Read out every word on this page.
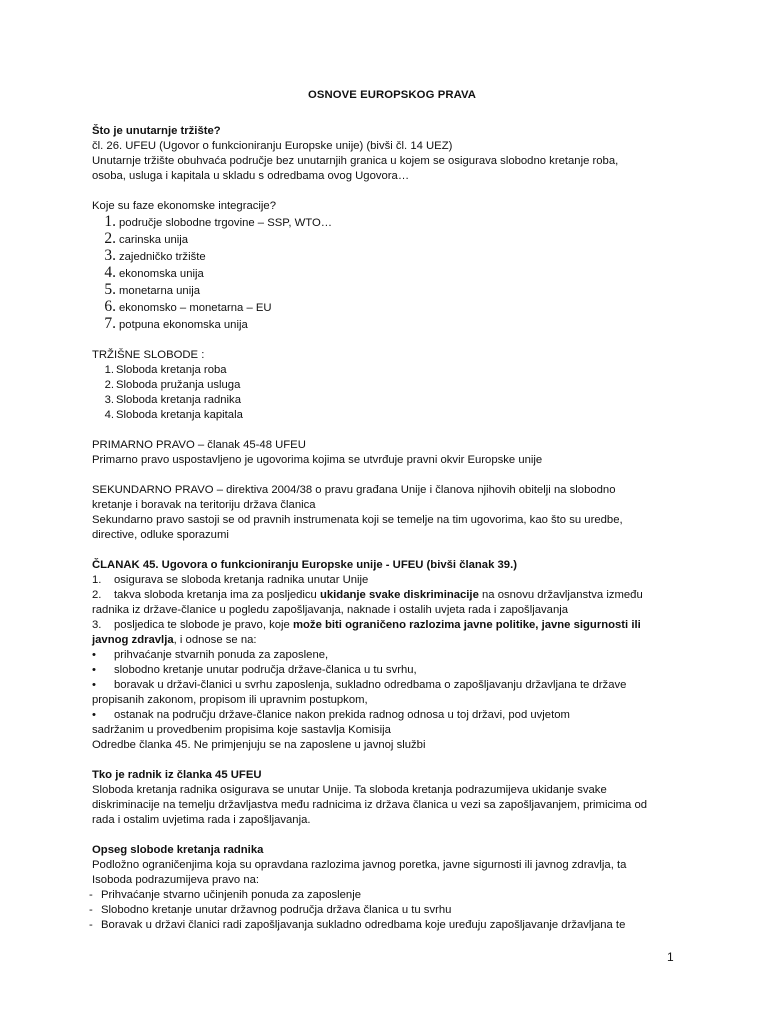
OSNOVE EUROPSKOG PRAVA

Što je unutarnje tržište?

čl. 26. UFEU (Ugovor o funkcioniranju Europske unije) (bivši čl. 14 UEZ)

Unutarnje tržište obuhvaća područje bez unutarnjih granica u kojem se osigurava slobodno kretanje roba,

osoba, usluga i kapitala u skladu s odredbama ovog Ugovora…

Koje su faze ekonomske integracije?

1. područje slobodne trgovine – SSP, WTO…
2. carinska unija
3. zajedničko tržište
4. ekonomska unija
5. monetarna unija
6. ekonomsko – monetarna – EU
7. potpuna ekonomska unija

TRŽIŠNE SLOBODE :

1. Sloboda kretanja roba
2. Sloboda pružanja usluga
3. Sloboda kretanja radnika
4. Sloboda kretanja kapitala

PRIMARNO PRAVO – članak 45-48 UFEU

Primarno pravo uspostavljeno je ugovorima kojima se utvrđuje pravni okvir Europske unije

SEKUNDARNO PRAVO – direktiva 2004/38 o pravu građana Unije i članova njihovih obitelji na slobodno

kretanje i boravak na teritoriju država članica

Sekundarno pravo sastoji se od pravnih instrumenata koji se temelje na tim ugovorima, kao što su uredbe,

directive, odluke sporazumi

ČLANAK 45. Ugovora o funkcioniranju Europske unije - UFEU (bivši članak 39.)

1.	osigurava se sloboda kretanja radnika unutar Unije
2.	takva sloboda kretanja ima za posljedicu ukidanje svake diskriminacije na osnovu državljanstva između

radnika iz države-članice u pogledu zapošljavanja, naknade i ostalih uvjeta rada i zapošljavanja

3.	posljedica te slobode je pravo, koje može biti ograničeno razlozima javne politike, javne sigurnosti ili

javnog zdravlja, i odnose se na:

•	prihvaćanje stvarnih ponuda za zaposlene,
•	slobodno kretanje unutar područja države-članica u tu svrhu,
•	boravak u državi-članici u svrhu zaposlenja, sukladno odredbama o zapošljavanju državljana te države

propisanih zakonom, propisom ili upravnim postupkom,

•	ostanak na području države-članice nakon prekida radnog odnosa u toj državi, pod uvjetom

sadržanim u provedbenim propisima koje sastavlja Komisija

Odredbe članka 45. Ne primjenjuju se na zaposlene u javnoj službi

Tko je radnik iz članka 45 UFEU

Sloboda kretanja radnika osigurava se unutar Unije. Ta sloboda kretanja podrazumijeva ukidanje svake

diskriminacije na temelju državljastva među radnicima iz država članica u vezi sa zapošljavanjem, primicima od

rada i ostalim uvjetima rada i zapošljavanja.

Opseg slobode kretanja radnika

Podložno ograničenjima koja su opravdana razlozima javnog poretka, javne sigurnosti ili javnog zdravlja, ta

Isoboda podrazumijeva pravo na:

- Prihvaćanje stvarno učinjenih ponuda za zaposlenje
- Slobodno kretanje unutar državnog područja država članica u tu svrhu
- Boravak u državi članici radi zapošljavanja sukladno odredbama koje uređuju zapošljavanje državljana te
1
